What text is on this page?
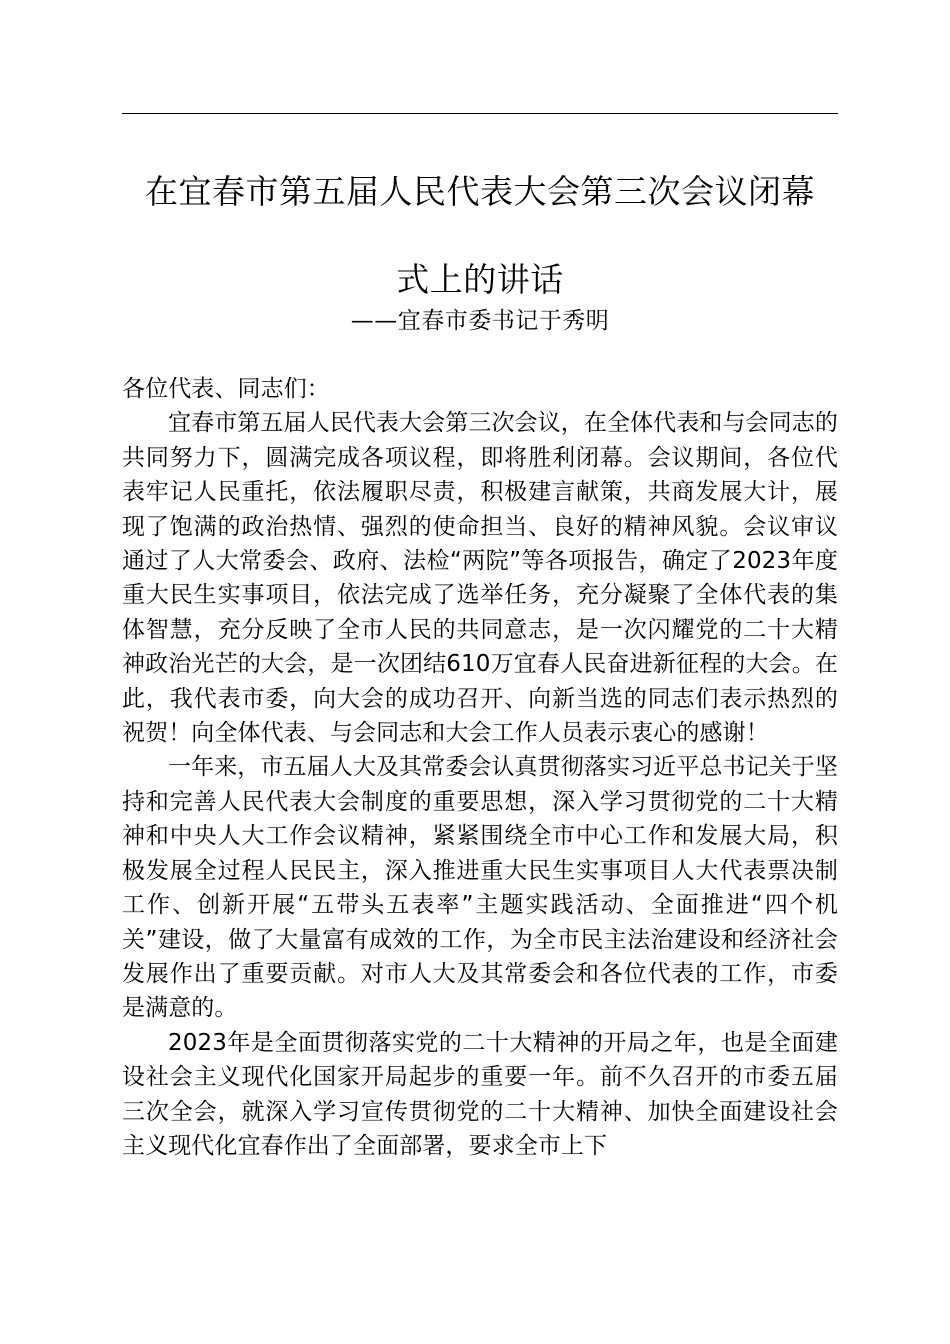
在宜春市第五届人民代表大会第三次会议闭幕
式上的讲话
——宜春市委书记于秀明

各位代表、同志们：

宜春市第五届人民代表大会第三次会议，在全体代表和与会同志的共同努力下，圆满完成各项议程，即将胜利闭幕。会议期间，各位代表牢记人民重托，依法履职尽责，积极建言献策，共商发展大计，展现了饱满的政治热情、强烈的使命担当、良好的精神风貌。会议审议通过了人大常委会、政府、法检“两院”等各项报告，确定了2023年度重大民生实事项目，依法完成了选举任务，充分凝聚了全体代表的集体智慧，充分反映了全市人民的共同意志，是一次闪耀党的二十大精神政治光芒的大会，是一次团结610万宜春人民奋进新征程的大会。在此，我代表市委，向大会的成功召开、向新当选的同志们表示热烈的祝贺！向全体代表、与会同志和大会工作人员表示衷心的感谢！

一年来，市五届人大及其常委会认真贯彻落实习近平总书记关于坚持和完善人民代表大会制度的重要思想，深入学习贯彻党的二十大精神和中央人大工作会议精神，紧紧围绕全市中心工作和发展大局，积极发展全过程人民民主，深入推进重大民生实事项目人大代表票决制工作、创新开展“五带头五表率”主题实践活动、全面推进“四个机关”建设，做了大量富有成效的工作，为全市民主法治建设和经济社会发展作出了重要贡献。对市人大及其常委会和各位代表的工作，市委是满意的。

2023年是全面贯彻落实党的二十大精神的开局之年，也是全面建设社会主义现代化国家开局起步的重要一年。前不久召开的市委五届三次全会，就深入学习宣传贯彻党的二十大精神、加快全面建设社会主义现代化宜春作出了全面部署，要求全市上下
